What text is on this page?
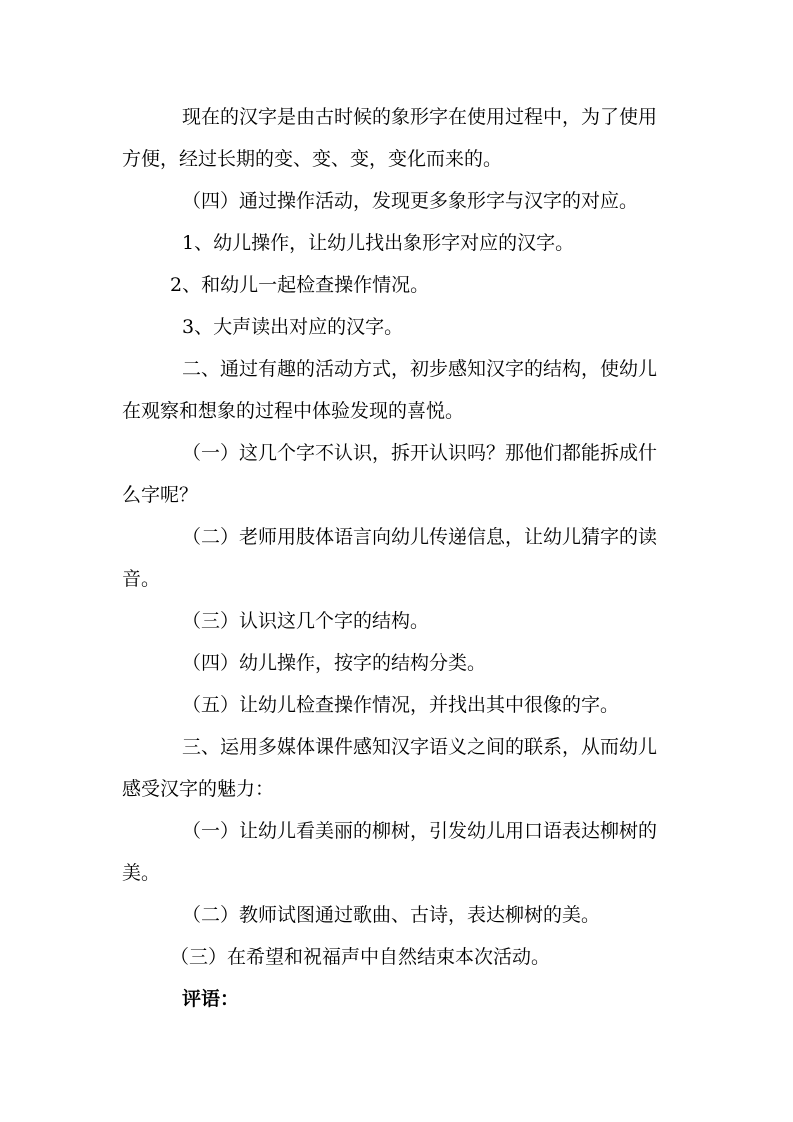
现在的汉字是由古时候的象形字在使用过程中，为了使用
方便，经过长期的变、变、变，变化而来的。
（四）通过操作活动，发现更多象形字与汉字的对应。
1、幼儿操作，让幼儿找出象形字对应的汉字。
2、和幼儿一起检查操作情况。
3、大声读出对应的汉字。
二、通过有趣的活动方式，初步感知汉字的结构，使幼儿
在观察和想象的过程中体验发现的喜悦。
（一）这几个字不认识，拆开认识吗？那他们都能拆成什
么字呢？
（二）老师用肢体语言向幼儿传递信息，让幼儿猜字的读
音。
（三）认识这几个字的结构。
（四）幼儿操作，按字的结构分类。
（五）让幼儿检查操作情况，并找出其中很像的字。
三、运用多媒体课件感知汉字语义之间的联系，从而幼儿
感受汉字的魅力：
（一）让幼儿看美丽的柳树，引发幼儿用口语表达柳树的
美。
（二）教师试图通过歌曲、古诗，表达柳树的美。
（三）在希望和祝福声中自然结束本次活动。
评语：
